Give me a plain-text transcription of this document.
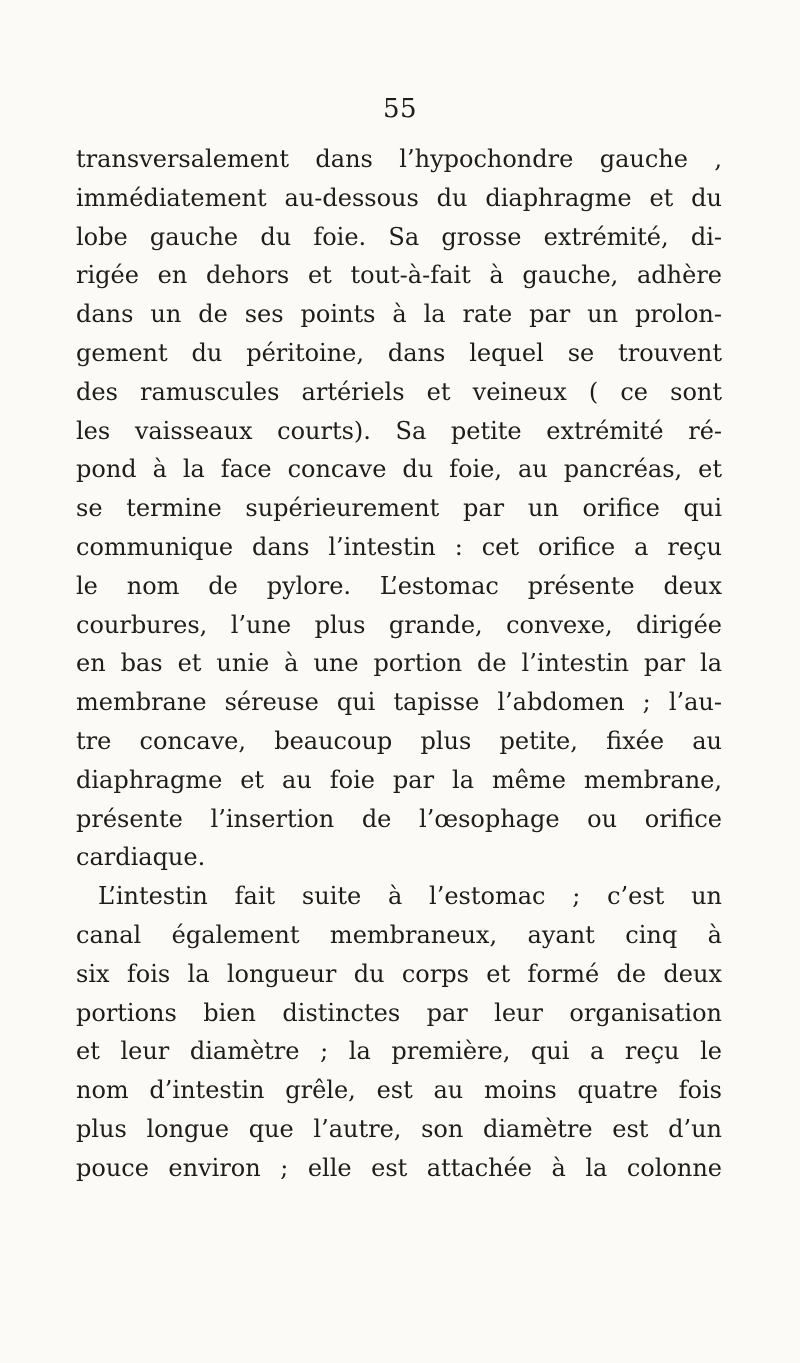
55
transversalement dans l’hypochondre gauche ,
immédiatement au-dessous du diaphragme et du
lobe gauche du foie. Sa grosse extrémité, di-
rigée en dehors et tout-à-fait à gauche, adhère
dans un de ses points à la rate par un prolon-
gement du péritoine, dans lequel se trouvent
des ramuscules artériels et veineux ( ce sont
les vaisseaux courts). Sa petite extrémité ré-
pond à la face concave du foie, au pancréas, et
se termine supérieurement par un orifice qui
communique dans l’intestin : cet orifice a reçu
le nom de pylore. L’estomac présente deux
courbures, l’une plus grande, convexe, dirigée
en bas et unie à une portion de l’intestin par la
membrane séreuse qui tapisse l’abdomen ; l’au-
tre concave, beaucoup plus petite, fixée au
diaphragme et au foie par la même membrane,
présente l’insertion de l’œsophage ou orifice
cardiaque.
L’intestin fait suite à l’estomac ; c’est un
canal également membraneux, ayant cinq à
six fois la longueur du corps et formé de deux
portions bien distinctes par leur organisation
et leur diamètre ; la première, qui a reçu le
nom d’intestin grêle, est au moins quatre fois
plus longue que l’autre, son diamètre est d’un
pouce environ ; elle est attachée à la colonne
